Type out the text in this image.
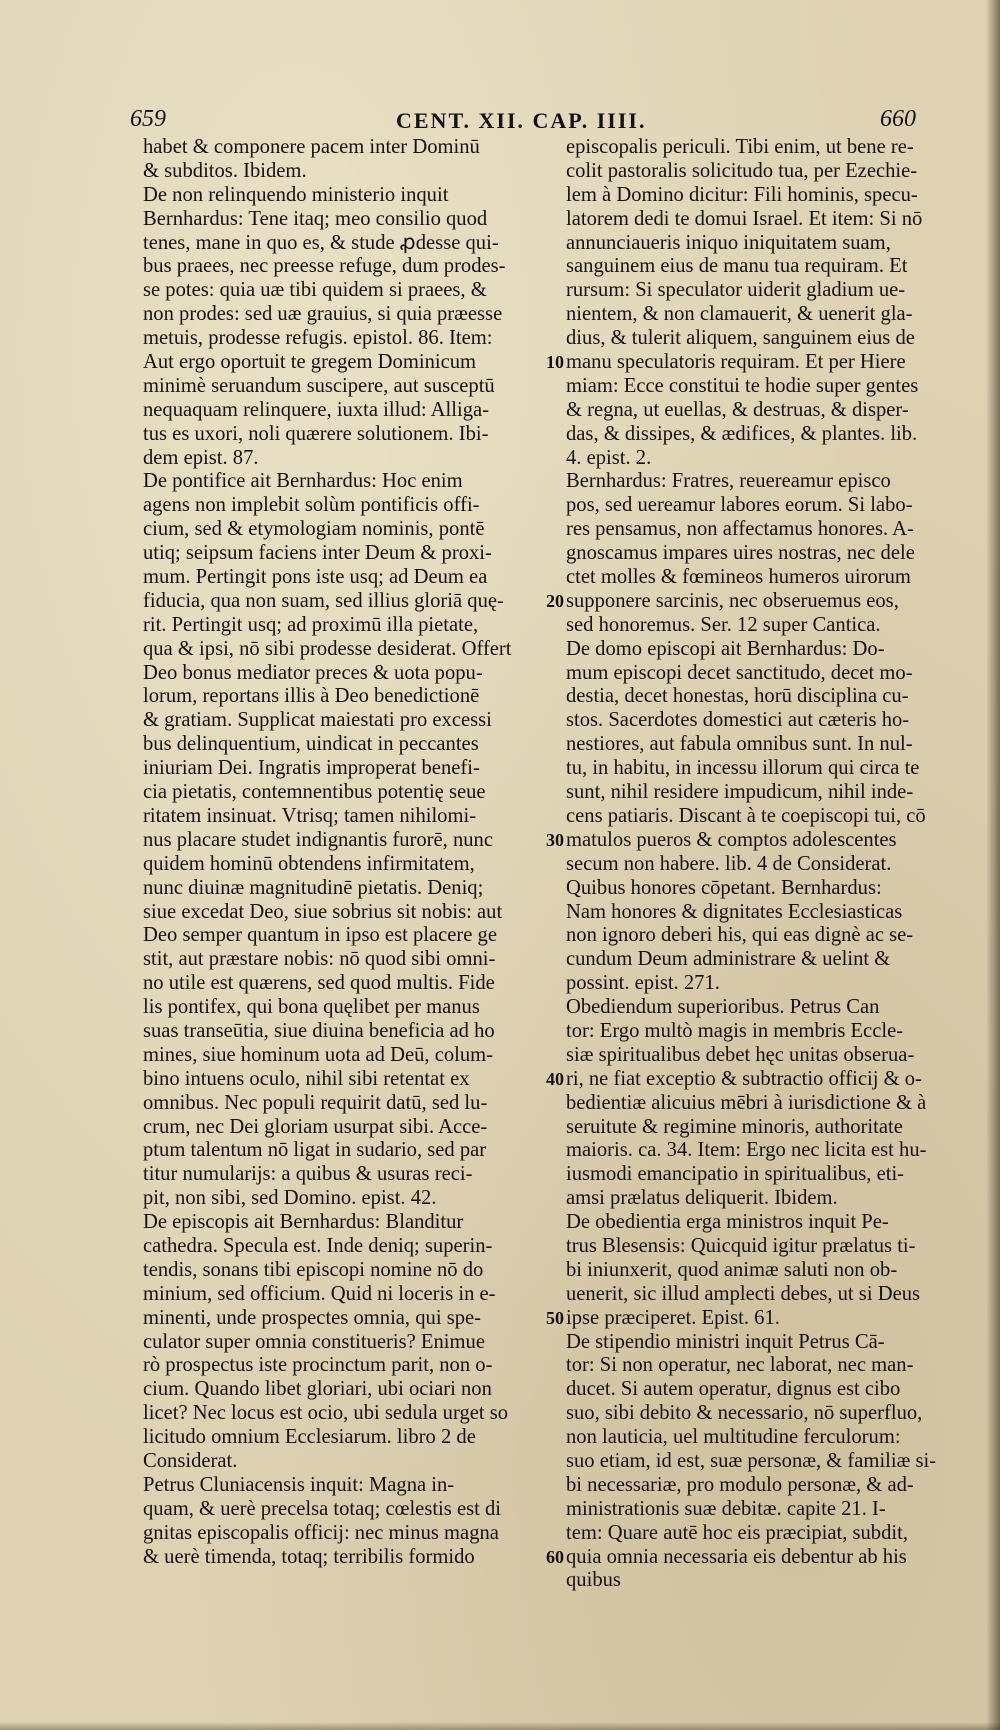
659	CENT. XII. CAP. IIII.	660
habet & componere pacem inter Dominū
& subditos. Ibidem.
De non relinquendo ministerio inquit
Bernhardus: Tene itaq; meo consilio quod
tenes, mane in quo es, & stude ꝓdesse qui-
bus praees, nec preesse refuge, dum prodes-
se potes: quia uæ tibi quidem si praees, &
non prodes: sed uæ grauius, si quia præesse
metuis, prodesse refugis. epistol. 86. Item:
Aut ergo oportuit te gregem Dominicum
minimè seruandum suscipere, aut susceptū
nequaquam relinquere, iuxta illud: Alliga-
tus es uxori, noli quærere solutionem. Ibi-
dem epist. 87.
De pontifice ait Bernhardus: Hoc enim
agens non implebit solùm pontificis offi-
cium, sed & etymologiam nominis, pontē
utiq; seipsum faciens inter Deum & proxi-
mum. Pertingit pons iste usq; ad Deum ea
fiducia, qua non suam, sed illius gloriā quę-
rit. Pertingit usq; ad proximū illa pietate,
qua & ipsi, nō sibi prodesse desiderat. Offert
Deo bonus mediator preces & uota popu-
lorum, reportans illis à Deo benedictionē
& gratiam. Supplicat maiestati pro excessi
bus delinquentium, uindicat in peccantes
iniuriam Dei. Ingratis improperat benefi-
cia pietatis, contemnentibus potentię seue
ritatem insinuat. Vtrisq; tamen nihilomi-
nus placare studet indignantis furorē, nunc
quidem hominū obtendens infirmitatem,
nunc diuinæ magnitudinē pietatis. Deniq;
siue excedat Deo, siue sobrius sit nobis: aut
Deo semper quantum in ipso est placere ge
stit, aut præstare nobis: nō quod sibi omni-
no utile est quærens, sed quod multis. Fide
lis pontifex, qui bona quęlibet per manus
suas transeūtia, siue diuina beneficia ad ho
mines, siue hominum uota ad Deū, colum-
bino intuens oculo, nihil sibi retentat ex
omnibus. Nec populi requirit datū, sed lu-
crum, nec Dei gloriam usurpat sibi. Acce-
ptum talentum nō ligat in sudario, sed par
titur numularijs: a quibus & usuras reci-
pit, non sibi, sed Domino. epist. 42.
De episcopis ait Bernhardus: Blanditur
cathedra. Specula est. Inde deniq; superin-
tendis, sonans tibi episcopi nomine nō do
minium, sed officium. Quid ni loceris in e-
minenti, unde prospectes omnia, qui spe-
culator super omnia constitueris? Enimue
rò prospectus iste procinctum parit, non o-
cium. Quando libet gloriari, ubi ociari non
licet? Nec locus est ocio, ubi sedula urget so
licitudo omnium Ecclesiarum. libro 2 de
Considerat.
Petrus Cluniacensis inquit: Magna in-
quam, & uerè precelsa totaq; cœlestis est di
gnitas episcopalis officij: nec minus magna
& uerè timenda, totaq; terribilis formido
10
20
30
40
50
60
episcopalis periculi. Tibi enim, ut bene re-
colit pastoralis solicitudo tua, per Ezechie-
lem à Domino dicitur: Fili hominis, specu-
latorem dedi te domui Israel. Et item: Si nō
annunciaueris iniquo iniquitatem suam,
sanguinem eius de manu tua requiram. Et
rursum: Si speculator uiderit gladium ue-
nientem, & non clamauerit, & uenerit gla-
dius, & tulerit aliquem, sanguinem eius de
manu speculatoris requiram. Et per Hiere
miam: Ecce constitui te hodie super gentes
& regna, ut euellas, & destruas, & disper-
das, & dissipes, & ædifices, & plantes. lib.
4. epist. 2.
Bernhardus: Fratres, reuereamur episco
pos, sed uereamur labores eorum. Si labo-
res pensamus, non affectamus honores. A-
gnoscamus impares uires nostras, nec dele
ctet molles & fœmineos humeros uirorum
supponere sarcinis, nec obseruemus eos,
sed honoremus. Ser. 12 super Cantica.
De domo episcopi ait Bernhardus: Do-
mum episcopi decet sanctitudo, decet mo-
destia, decet honestas, horū disciplina cu-
stos. Sacerdotes domestici aut cæteris ho-
nestiores, aut fabula omnibus sunt. In nul-
tu, in habitu, in incessu illorum qui circa te
sunt, nihil residere impudicum, nihil inde-
cens patiaris. Discant à te coepiscopi tui, cō
matulos pueros & comptos adolescentes
secum non habere. lib. 4 de Considerat.
Quibus honores cōpetant. Bernhardus:
Nam honores & dignitates Ecclesiasticas
non ignoro deberi his, qui eas dignè ac se-
cundum Deum administrare & uelint &
possint. epist. 271.
Obediendum superioribus. Petrus Can
tor: Ergo multò magis in membris Eccle-
siæ spiritualibus debet hęc unitas obserua-
ri, ne fiat exceptio & subtractio officij & o-
bedientiæ alicuius mēbri à iurisdictione & à
seruitute & regimine minoris, authoritate
maioris. ca. 34. Item: Ergo nec licita est hu-
iusmodi emancipatio in spiritualibus, eti-
amsi prælatus deliquerit. Ibidem.
De obedientia erga ministros inquit Pe-
trus Blesensis: Quicquid igitur prælatus ti-
bi iniunxerit, quod animæ saluti non ob-
uenerit, sic illud amplecti debes, ut si Deus
ipse præciperet. Epist. 61.
De stipendio ministri inquit Petrus Cā-
tor: Si non operatur, nec laborat, nec man-
ducet. Si autem operatur, dignus est cibo
suo, sibi debito & necessario, nō superfluo,
non lauticia, uel multitudine ferculorum:
suo etiam, id est, suæ personæ, & familiæ si-
bi necessariæ, pro modulo personæ, & ad-
ministrationis suæ debitæ. capite 21. I-
tem: Quare autē hoc eis præcipiat, subdit,
quia omnia necessaria eis debentur ab his
quibus
